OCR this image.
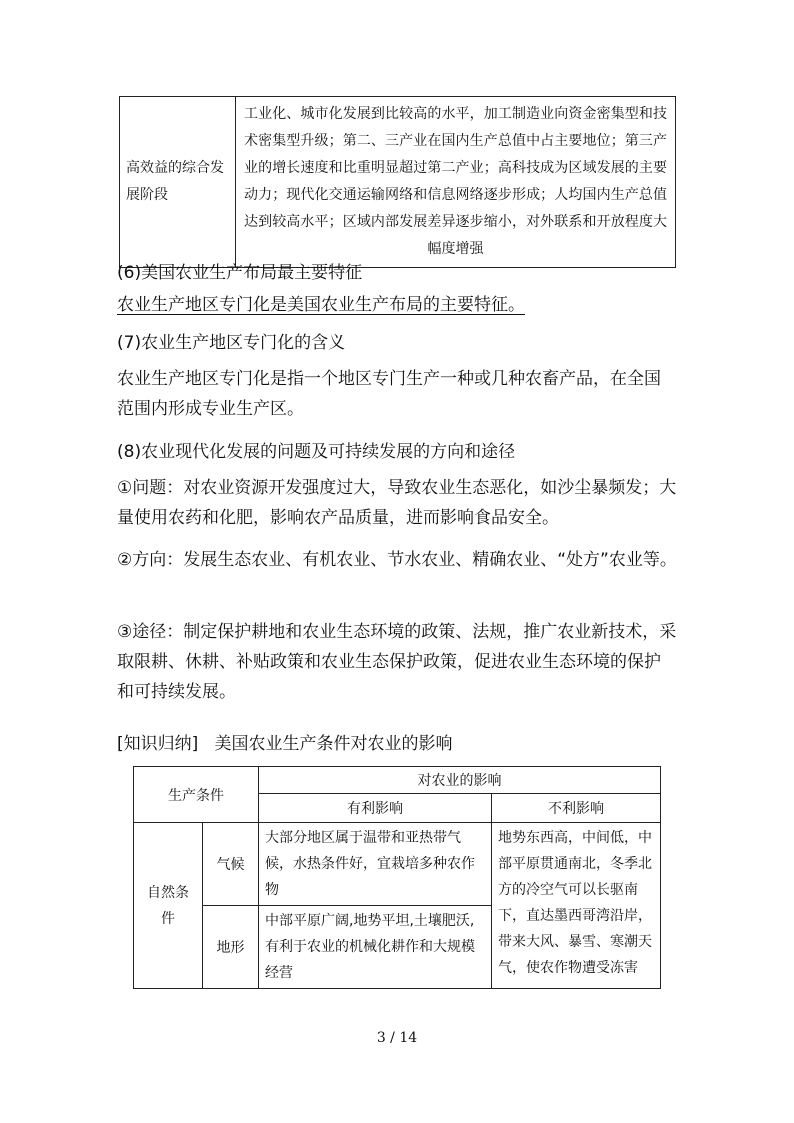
高效益的综合发展阶段	工业化、城市化发展到比较高的水平，加工制造业向资金密集型和技术密集型升级；第二、三产业在国内生产总值中占主要地位；第三产业的增长速度和比重明显超过第二产业；高科技成为区域发展的主要动力；现代化交通运输网络和信息网络逐步形成；人均国内生产总值达到较高水平；区域内部发展差异逐步缩小，对外联系和开放程度大幅度增强

(6)美国农业生产布局最主要特征

农业生产地区专门化是美国农业生产布局的主要特征。

(7)农业生产地区专门化的含义

农业生产地区专门化是指一个地区专门生产一种或几种农畜产品，在全国范围内形成专业生产区。

(8)农业现代化发展的问题及可持续发展的方向和途径

①问题：对农业资源开发强度过大，导致农业生态恶化，如沙尘暴频发；大量使用农药和化肥，影响农产品质量，进而影响食品安全。

②方向：发展生态农业、有机农业、节水农业、精确农业、“处方”农业等。

③途径：制定保护耕地和农业生态环境的政策、法规，推广农业新技术，采取限耕、休耕、补贴政策和农业生态保护政策，促进农业生态环境的保护和可持续发展。

[知识归纳] 美国农业生产条件对农业的影响

生产条件		对农业的影响	
		有利影响	不利影响
自然条件	气候	大部分地区属于温带和亚热带气候，水热条件好，宜栽培多种农作物	地势东西高，中间低，中部平原贯通南北，冬季北方的冷空气可以长驱南下，直达墨西哥湾沿岸，带来大风、暴雪、寒潮天气，使农作物遭受冻害
	地形	中部平原广阔,地势平坦,土壤肥沃,有利于农业的机械化耕作和大规模经营	
3 / 14
